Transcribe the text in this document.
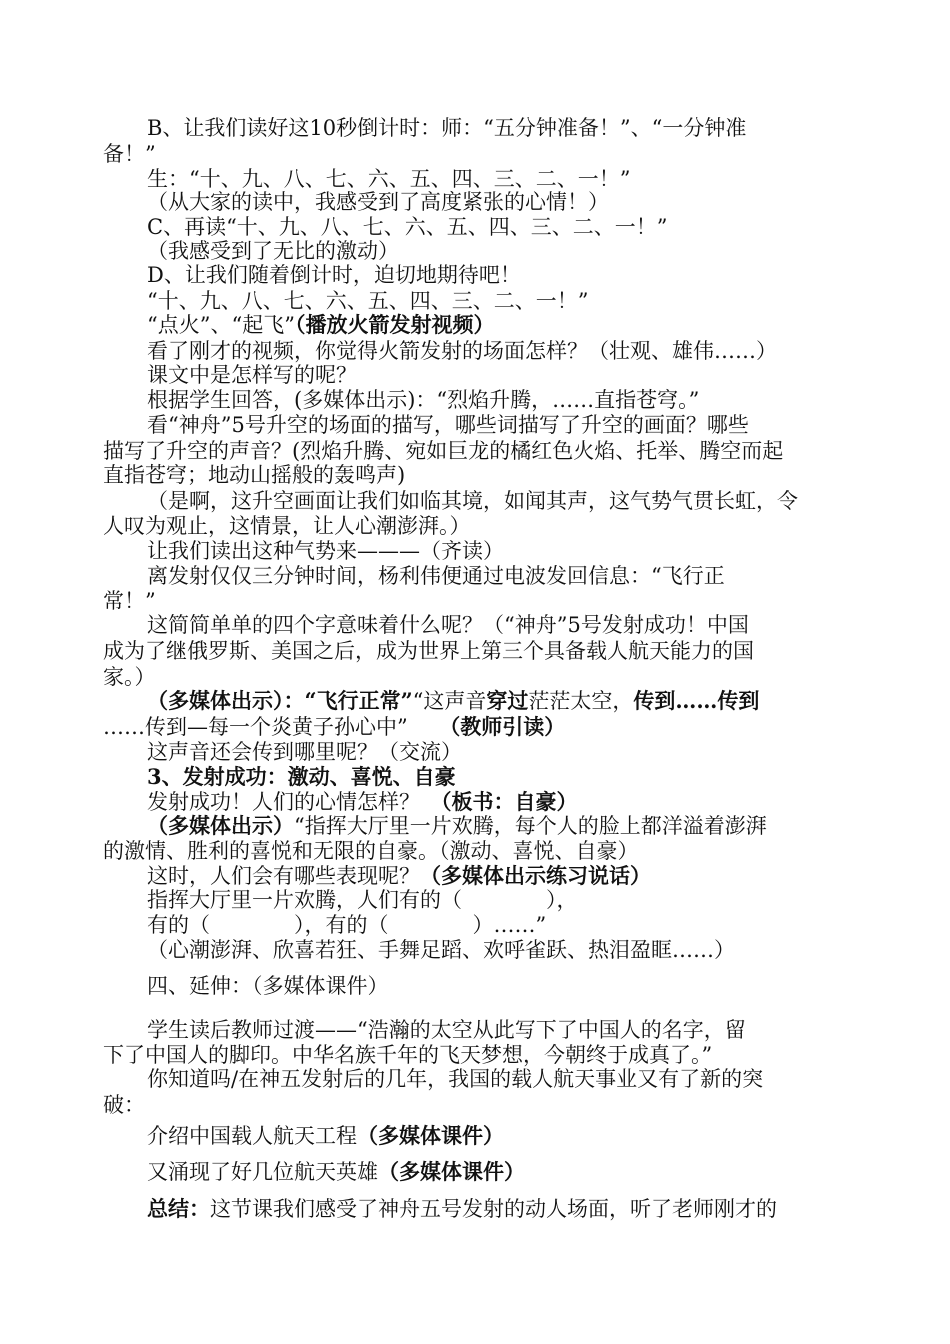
B、让我们读好这10秒倒计时：师：“五分钟准备！”、“一分钟准
备！”
生：“十、九、八、七、六、五、四、三、二、一！”
（从大家的读中，我感受到了高度紧张的心情！）
C、再读“十、九、八、七、六、五、四、三、二、一！”
（我感受到了无比的激动）
D、让我们随着倒计时，迫切地期待吧！
“十、九、八、七、六、五、四、三、二、一！”
“点火”、“起飞”（播放火箭发射视频）
看了刚才的视频，你觉得火箭发射的场面怎样？（壮观、雄伟……）
课文中是怎样写的呢？
根据学生回答，(多媒体出示)：“烈焰升腾，……直指苍穹。”
看“神舟”5号升空的场面的描写，哪些词描写了升空的画面？哪些
描写了升空的声音？(烈焰升腾、宛如巨龙的橘红色火焰、托举、腾空而起
直指苍穹；地动山摇般的轰鸣声)
（是啊，这升空画面让我们如临其境，如闻其声，这气势气贯长虹，令
人叹为观止，这情景，让人心潮澎湃。）
让我们读出这种气势来———（齐读）
离发射仅仅三分钟时间，杨利伟便通过电波发回信息：“飞行正
常！”
这简简单单的四个字意味着什么呢？（“神舟”5号发射成功！中国
成为了继俄罗斯、美国之后，成为世界上第三个具备载人航天能力的国
家。）
（多媒体出示）：“飞行正常”“这声音穿过茫茫太空，传到……传到
……传到—每一个炎黄子孙心中”　　（教师引读）
这声音还会传到哪里呢？（交流）
3、发射成功：激动、喜悦、自豪
发射成功！人们的心情怎样？　（板书：自豪）
（多媒体出示）“指挥大厅里一片欢腾，每个人的脸上都洋溢着澎湃
的激情、胜利的喜悦和无限的自豪。（激动、喜悦、自豪）
这时，人们会有哪些表现呢？（多媒体出示练习说话）
指挥大厅里一片欢腾，人们有的（　　　　），
有的（　　　　），有的（　　　　）……”
（心潮澎湃、欣喜若狂、手舞足蹈、欢呼雀跃、热泪盈眶……）
四、延伸：（多媒体课件）
学生读后教师过渡——“浩瀚的太空从此写下了中国人的名字，留
下了中国人的脚印。中华名族千年的飞天梦想，今朝终于成真了。”
你知道吗/在神五发射后的几年，我国的载人航天事业又有了新的突
破：
介绍中国载人航天工程（多媒体课件）
又涌现了好几位航天英雄（多媒体课件）
总结：这节课我们感受了神舟五号发射的动人场面，听了老师刚才的
